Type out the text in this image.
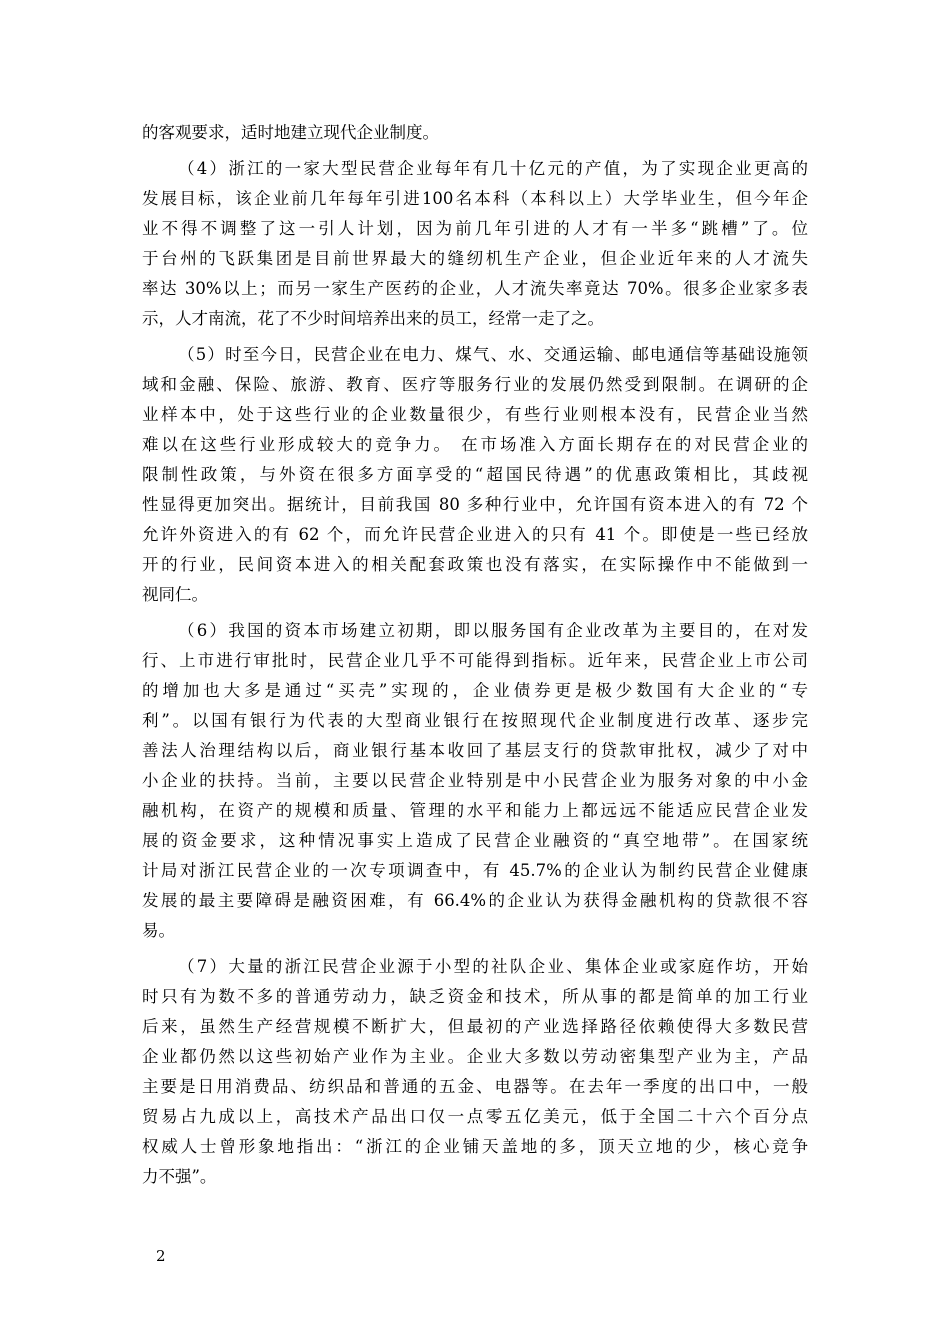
的客观要求，适时地建立现代企业制度。
（4）浙江的一家大型民营企业每年有几十亿元的产值，为了实现企业更高的
发展目标，该企业前几年每年引进100名本科（本科以上）大学毕业生，但今年企
业不得不调整了这一引人计划，因为前几年引进的人才有一半多“跳槽”了。位
于台州的飞跃集团是目前世界最大的缝纫机生产企业，但企业近年来的人才流失
率达 30%以上；而另一家生产医药的企业，人才流失率竟达 70%。很多企业家多表
示，人才南流，花了不少时间培养出来的员工，经常一走了之。
（5）时至今日，民营企业在电力、煤气、水、交通运输、邮电通信等基础设施领
域和金融、保险、旅游、教育、医疗等服务行业的发展仍然受到限制。在调研的企
业样本中，处于这些行业的企业数量很少，有些行业则根本没有，民营企业当然
难以在这些行业形成较大的竞争力。 在市场准入方面长期存在的对民营企业的
限制性政策，与外资在很多方面享受的“超国民待遇”的优惠政策相比，其歧视
性显得更加突出。据统计，目前我国 80 多种行业中，允许国有资本进入的有 72 个
允许外资进入的有 62 个，而允许民营企业进入的只有 41 个。即使是一些已经放
开的行业，民间资本进入的相关配套政策也没有落实，在实际操作中不能做到一
视同仁。
（6）我国的资本市场建立初期，即以服务国有企业改革为主要目的，在对发
行、上市进行审批时，民营企业几乎不可能得到指标。近年来，民营企业上市公司
的增加也大多是通过“买壳”实现的，企业债券更是极少数国有大企业的“专
利”。以国有银行为代表的大型商业银行在按照现代企业制度进行改革、逐步完
善法人治理结构以后，商业银行基本收回了基层支行的贷款审批权，减少了对中
小企业的扶持。当前，主要以民营企业特别是中小民营企业为服务对象的中小金
融机构，在资产的规模和质量、管理的水平和能力上都远远不能适应民营企业发
展的资金要求，这种情况事实上造成了民营企业融资的“真空地带”。在国家统
计局对浙江民营企业的一次专项调查中，有 45.7%的企业认为制约民营企业健康
发展的最主要障碍是融资困难，有 66.4%的企业认为获得金融机构的贷款很不容
易。
（7）大量的浙江民营企业源于小型的社队企业、集体企业或家庭作坊，开始
时只有为数不多的普通劳动力，缺乏资金和技术，所从事的都是简单的加工行业
后来，虽然生产经营规模不断扩大，但最初的产业选择路径依赖使得大多数民营
企业都仍然以这些初始产业作为主业。企业大多数以劳动密集型产业为主，产品
主要是日用消费品、纺织品和普通的五金、电器等。在去年一季度的出口中，一般
贸易占九成以上，高技术产品出口仅一点零五亿美元，低于全国二十六个百分点
权威人士曾形象地指出：“浙江的企业铺天盖地的多，顶天立地的少，核心竞争
力不强”。
2
